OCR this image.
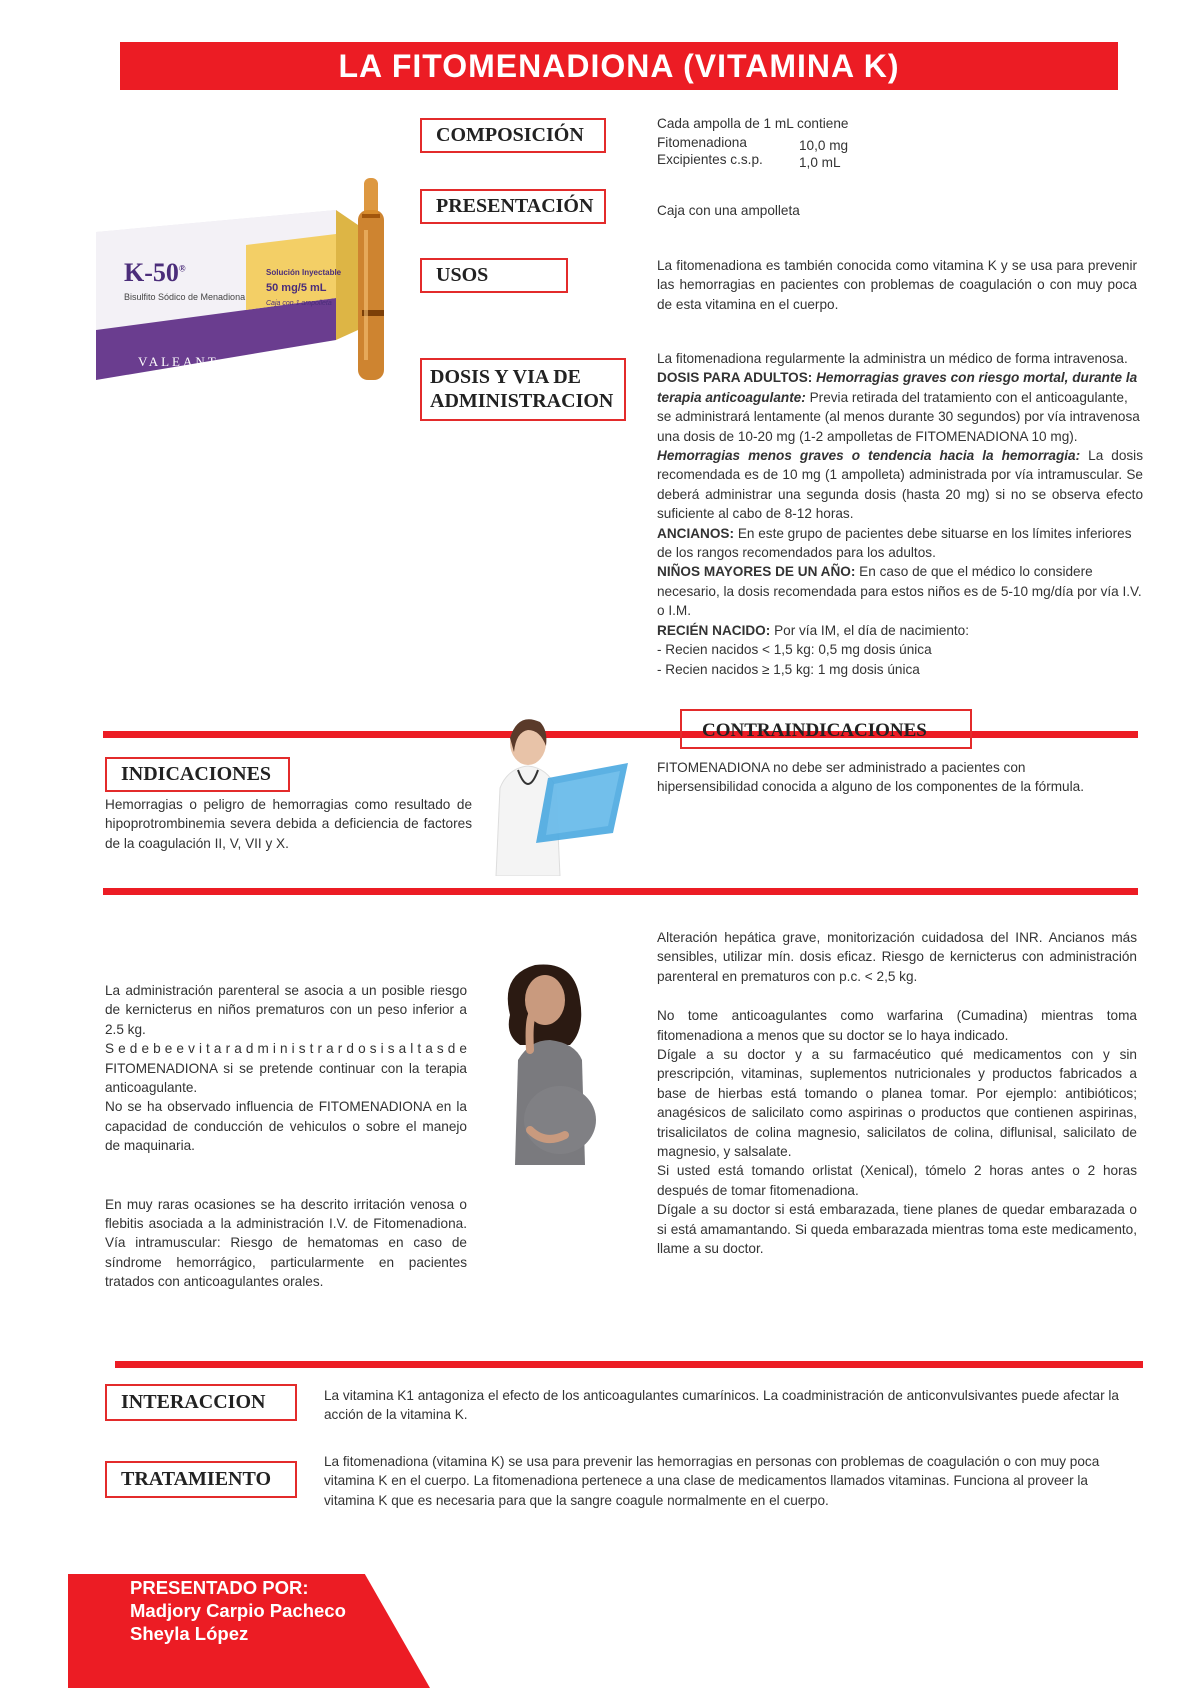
LA FITOMENADIONA (VITAMINA K)
K-50®
Bisulfito Sódico de Menadiona
Solución Inyectable
50 mg/5 mL
Caja con 1 ampolleta
VALEANT
COMPOSICIÓN
Cada ampolla de 1 mL contiene
Fitomenadiona	10,0 mg
Excipientes c.s.p.	1,0 mL
PRESENTACIÓN	Caja con una ampolleta
USOS	La fitomenadiona es también conocida como vitamina K y se usa para prevenir las hemorragias en pacientes con problemas de coagulación o con muy poca de esta vitamina en el cuerpo.
DOSIS Y VIA DE
ADMINISTRACION
La fitomenadiona regularmente la administra un médico de forma intravenosa.
DOSIS PARA ADULTOS: Hemorragias graves con riesgo mortal, durante la terapia anticoagulante: Previa retirada del tratamiento con el anticoagulante, se administrará lentamente (al menos durante 30 segundos) por vía intravenosa una dosis de 10-20 mg (1-2 ampolletas de FITOMENADIONA 10 mg).
Hemorragias menos graves o tendencia hacia la hemorragia: La dosis recomendada es de 10 mg (1 ampolleta) administrada por vía intramuscular. Se deberá administrar una segunda dosis (hasta 20 mg) si no se observa efecto suficiente al cabo de 8-12 horas.
ANCIANOS: En este grupo de pacientes debe situarse en los límites inferiores de los rangos recomendados para los adultos.
NIÑOS MAYORES DE UN AÑO: En caso de que el médico lo considere necesario, la dosis recomendada para estos niños es de 5-10 mg/día por vía I.V. o I.M.
RECIÉN NACIDO: Por vía IM, el día de nacimiento:
- Recien nacidos < 1,5 kg: 0,5 mg dosis única
- Recien nacidos ≥ 1,5 kg: 1 mg dosis única
CONTRAINDICACIONES
FITOMENADIONA no debe ser administrado a pacientes con hipersensibilidad conocida a alguno de los componentes de la fórmula.
INDICACIONES
Hemorragias o peligro de hemorragias como resultado de hipoprotrombinemia severa debida a deficiencia de factores de la coagulación II, V, VII y X.
La administración parenteral se asocia a un posible riesgo de kernicterus en niños prematuros con un peso inferior a 2.5 kg.
S e d e b e e v i t a r a d m i n i s t r a r d o s i s a l t a s d e FITOMENADIONA si se pretende continuar con la terapia anticoagulante.
No se ha observado influencia de FITOMENADIONA en la capacidad de conducción de vehiculos o sobre el manejo de maquinaria.
En muy raras ocasiones se ha descrito irritación venosa o flebitis asociada a la administración I.V. de Fitomenadiona. Vía intramuscular: Riesgo de hematomas en caso de síndrome hemorrágico, particularmente en pacientes tratados con anticoagulantes orales.
Alteración hepática grave, monitorización cuidadosa del INR. Ancianos más sensibles, utilizar mín. dosis eficaz. Riesgo de kernicterus con administración parenteral en prematuros con p.c. < 2,5 kg.
No tome anticoagulantes como warfarina (Cumadina) mientras toma fitomenadiona a menos que su doctor se lo haya indicado.
Dígale a su doctor y a su farmacéutico qué medicamentos con y sin prescripción, vitaminas, suplementos nutricionales y productos fabricados a base de hierbas está tomando o planea tomar. Por ejemplo: antibióticos; anagésicos de salicilato como aspirinas o productos que contienen aspirinas, trisalicilatos de colina magnesio, salicilatos de colina, diflunisal, salicilato de magnesio, y salsalate.
Si usted está tomando orlistat (Xenical), tómelo 2 horas antes o 2 horas después de tomar fitomenadiona.
Dígale a su doctor si está embarazada, tiene planes de quedar embarazada o si está amamantando. Si queda embarazada mientras toma este medicamento, llame a su doctor.
INTERACCION	La vitamina K1 antagoniza el efecto de los anticoagulantes cumarínicos. La coadministración de anticonvulsivantes puede afectar la acción de la vitamina K.
TRATAMIENTO
La fitomenadiona (vitamina K) se usa para prevenir las hemorragias en personas con problemas de coagulación o con muy poca vitamina K en el cuerpo. La fitomenadiona pertenece a una clase de medicamentos llamados vitaminas. Funciona al proveer la vitamina K que es necesaria para que la sangre coagule normalmente en el cuerpo.
PRESENTADO POR:
Madjory Carpio Pacheco
Sheyla López
